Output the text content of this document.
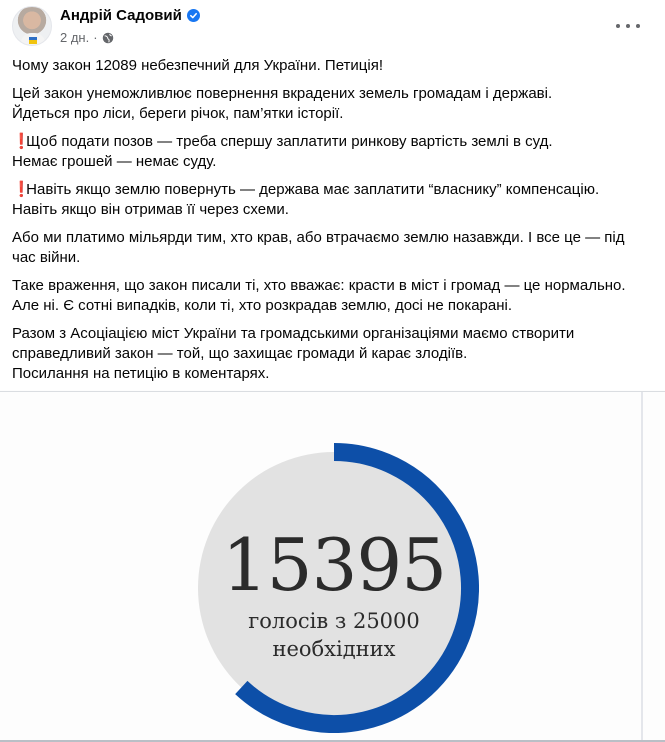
Андрій Садовий
2 дн. ·

Чому закон 12089 небезпечний для України. Петиція!

Цей закон унеможливлює повернення вкрадених земель громадам і державі.
Йдеться про ліси, береги річок, пам’ятки історії.

❗ Щоб подати позов — треба спершу заплатити ринкову вартість землі в суд.
Немає грошей — немає суду.

❗ Навіть якщо землю повернуть — держава має заплатити “власнику” компенсацію.
Навіть якщо він отримав її через схеми.

Або ми платимо мільярди тим, хто крав, або втрачаємо землю назавжди. І все це — під час війни.

Таке враження, що закон писали ті, хто вважає: красти в міст і громад — це нормально.
Але ні. Є сотні випадків, коли ті, хто розкрадав землю, досі не покарані.

Разом з Асоціацією міст України та громадськими організаціями маємо створити справедливий закон — той, що захищає громади й карає злодіїв.
Посилання на петицію в коментарях.

15395
голосів з 25000
необхідних
